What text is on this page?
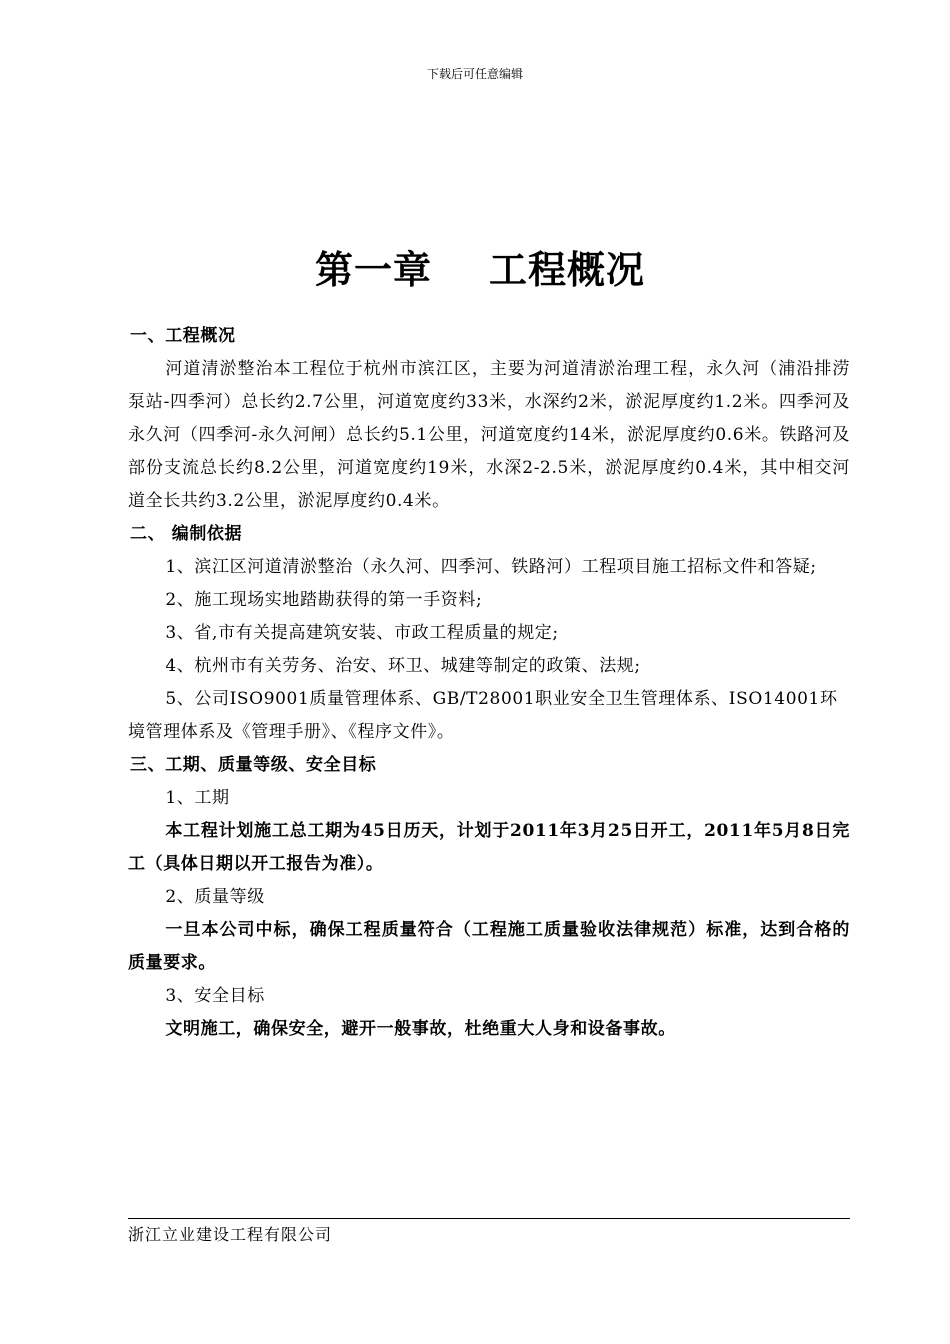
下载后可任意编辑
第一章    工程概况

一、工程概况

河道清淤整治本工程位于杭州市滨江区，主要为河道清淤治理工程，永久河（浦沿排涝泵站-四季河）总长约2.7公里，河道宽度约33米，水深约2米，淤泥厚度约1.2米。四季河及永久河（四季河-永久河闸）总长约5.1公里，河道宽度约14米，淤泥厚度约0.6米。铁路河及部份支流总长约8.2公里，河道宽度约19米，水深2-2.5米，淤泥厚度约0.4米，其中相交河道全长共约3.2公里，淤泥厚度约0.4米。

二、 编制依据

1、滨江区河道清淤整治（永久河、四季河、铁路河）工程项目施工招标文件和答疑;

2、施工现场实地踏勘获得的第一手资料;

3、省,市有关提高建筑安装、市政工程质量的规定;

4、杭州市有关劳务、治安、环卫、城建等制定的政策、法规;

5、公司ISO9001质量管理体系、GB/T28001职业安全卫生管理体系、ISO14001环境管理体系及《管理手册》、《程序文件》。

三、工期、质量等级、安全目标

1、工期

本工程计划施工总工期为45日历天，计划于2011年3月25日开工，2011年5月8日完工（具体日期以开工报告为准）。

2、质量等级

一旦本公司中标，确保工程质量符合（工程施工质量验收法律规范）标准，达到合格的质量要求。

3、安全目标

文明施工，确保安全，避开一般事故，杜绝重大人身和设备事故。

浙江立业建设工程有限公司
